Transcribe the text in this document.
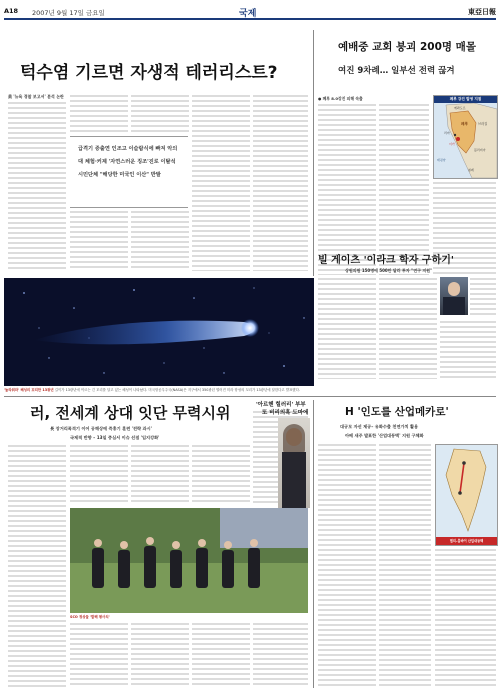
A18 2007년 9월 17일 금요일	국제	東亞日報
턱수염 기르면 자생적 테러리스트?
美 '뉴욕 경찰 보고서' 분석 논란
급격기 증출연 인조고 이슬람식에 빠져 악의대 체험·커제 '자연스러운 징조'진로 이탈석 시민단체 "해당한 미국인 이산" 반발
예배중 교회 붕괴 200명 매몰
여진 9차례… 일부선 전력 끊겨
● 페루 8.0강진 피해 속출	페루 강진 발생 지점
에콰도르
브라질
페루
리마
이카
볼리비아
태평양
칠레
'놀라워라' 혜성의 꼬리만 13광년 길이가 13광년에 이르는 긴 꼬리를 달고 있는 혜성이 나타났다. 미국항공우주국(NASA)은 지구에서 350광년 떨어진 미라 항성의 꼬리가 13광년에 달한다고 발표했다.
빌 게이츠 '이라크 학자 구하기'
상원의원 150명에 500만 달러 투자 "연구 지원"
러, 전세계 상대 잇단 무력시위
長 장거리폭격기 이어 공해상에 즉흥기 훈련 '전략 과시'
국제적 반향 – 13일 중심서 이슈 선점 '입지강화'
SCO 정상들 '발해 평사치'
'아르헨 힐러리' 부부
또 비리의혹 도마에	H '인도를 산업메카로'
대규모 자선 제공– 유화수출 천연가치 활용
아베 새주 발표한 '산업대동맥' 지원 구체화
델리–뭄바이 산업대동맥
